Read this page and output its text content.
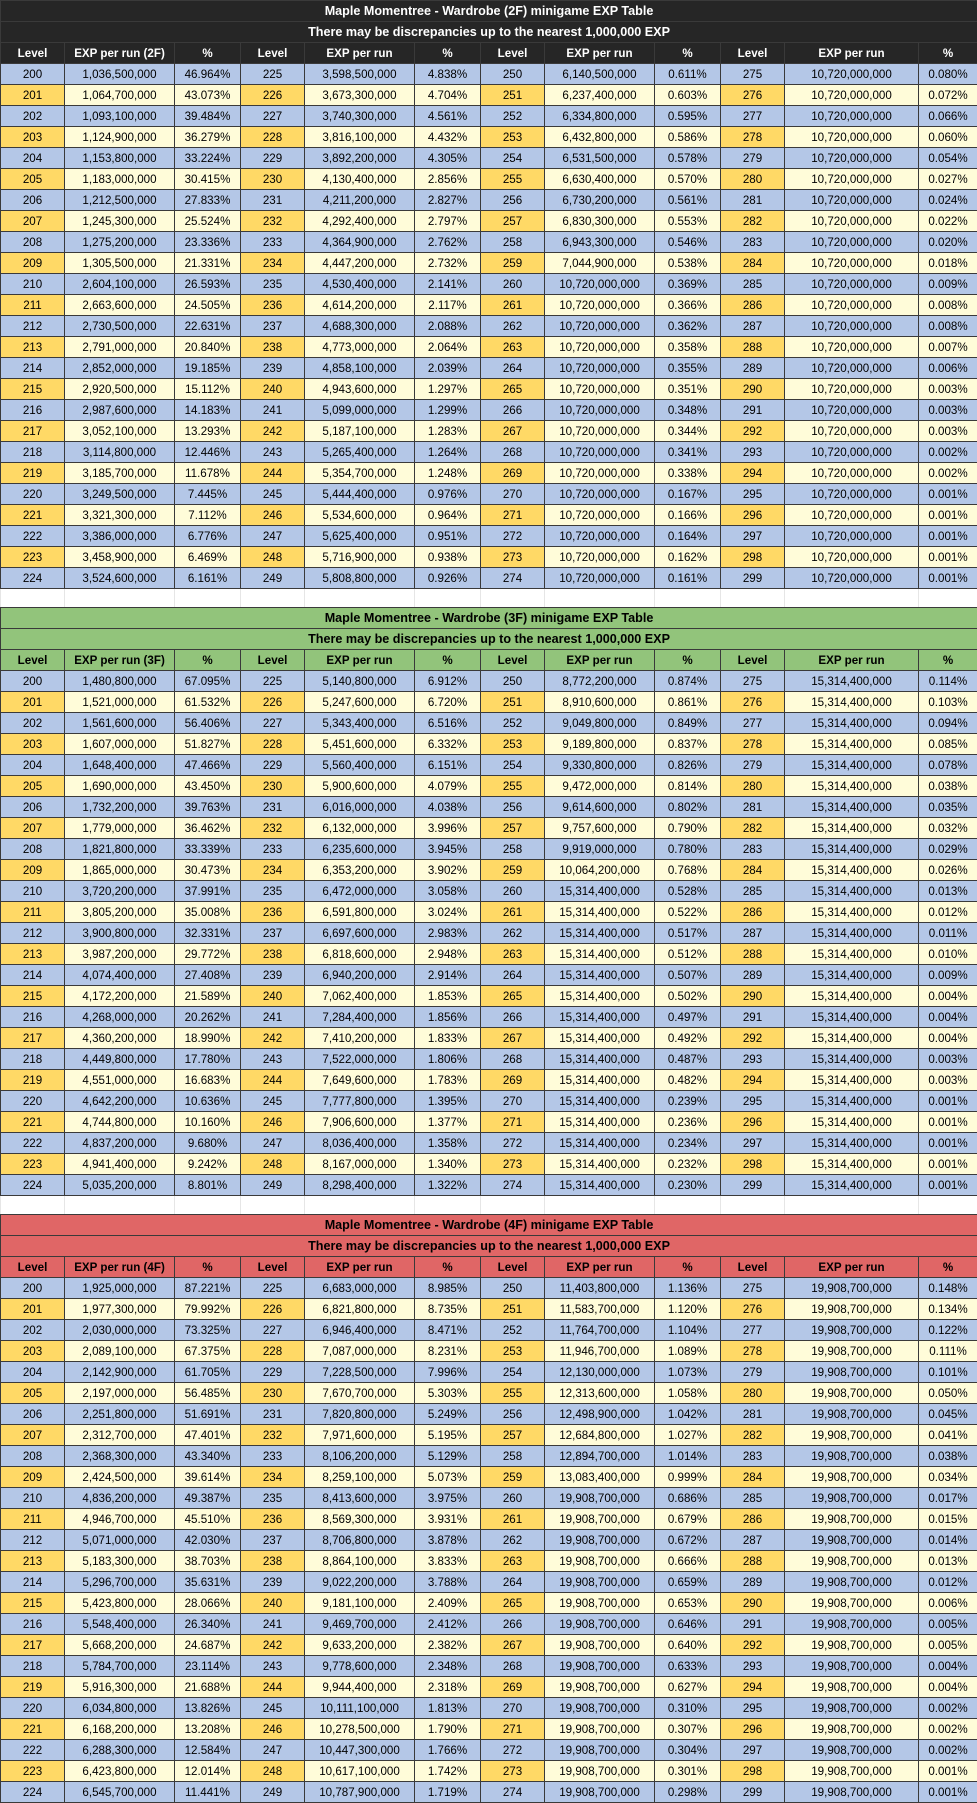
Maple Momentree - Wardrobe (2F) minigame EXP Table											
There may be discrepancies up to the nearest 1,000,000 EXP											
Level	EXP per run (2F)	%	Level	EXP per run	%	Level	EXP per run	%	Level	EXP per run	%
200	1,036,500,000	46.964%	225	3,598,500,000	4.838%	250	6,140,500,000	0.611%	275	10,720,000,000	0.080%
201	1,064,700,000	43.073%	226	3,673,300,000	4.704%	251	6,237,400,000	0.603%	276	10,720,000,000	0.072%
202	1,093,100,000	39.484%	227	3,740,300,000	4.561%	252	6,334,800,000	0.595%	277	10,720,000,000	0.066%
203	1,124,900,000	36.279%	228	3,816,100,000	4.432%	253	6,432,800,000	0.586%	278	10,720,000,000	0.060%
204	1,153,800,000	33.224%	229	3,892,200,000	4.305%	254	6,531,500,000	0.578%	279	10,720,000,000	0.054%
205	1,183,000,000	30.415%	230	4,130,400,000	2.856%	255	6,630,400,000	0.570%	280	10,720,000,000	0.027%
206	1,212,500,000	27.833%	231	4,211,200,000	2.827%	256	6,730,200,000	0.561%	281	10,720,000,000	0.024%
207	1,245,300,000	25.524%	232	4,292,400,000	2.797%	257	6,830,300,000	0.553%	282	10,720,000,000	0.022%
208	1,275,200,000	23.336%	233	4,364,900,000	2.762%	258	6,943,300,000	0.546%	283	10,720,000,000	0.020%
209	1,305,500,000	21.331%	234	4,447,200,000	2.732%	259	7,044,900,000	0.538%	284	10,720,000,000	0.018%
210	2,604,100,000	26.593%	235	4,530,400,000	2.141%	260	10,720,000,000	0.369%	285	10,720,000,000	0.009%
211	2,663,600,000	24.505%	236	4,614,200,000	2.117%	261	10,720,000,000	0.366%	286	10,720,000,000	0.008%
212	2,730,500,000	22.631%	237	4,688,300,000	2.088%	262	10,720,000,000	0.362%	287	10,720,000,000	0.008%
213	2,791,000,000	20.840%	238	4,773,000,000	2.064%	263	10,720,000,000	0.358%	288	10,720,000,000	0.007%
214	2,852,000,000	19.185%	239	4,858,100,000	2.039%	264	10,720,000,000	0.355%	289	10,720,000,000	0.006%
215	2,920,500,000	15.112%	240	4,943,600,000	1.297%	265	10,720,000,000	0.351%	290	10,720,000,000	0.003%
216	2,987,600,000	14.183%	241	5,099,000,000	1.299%	266	10,720,000,000	0.348%	291	10,720,000,000	0.003%
217	3,052,100,000	13.293%	242	5,187,100,000	1.283%	267	10,720,000,000	0.344%	292	10,720,000,000	0.003%
218	3,114,800,000	12.446%	243	5,265,400,000	1.264%	268	10,720,000,000	0.341%	293	10,720,000,000	0.002%
219	3,185,700,000	11.678%	244	5,354,700,000	1.248%	269	10,720,000,000	0.338%	294	10,720,000,000	0.002%
220	3,249,500,000	7.445%	245	5,444,400,000	0.976%	270	10,720,000,000	0.167%	295	10,720,000,000	0.001%
221	3,321,300,000	7.112%	246	5,534,600,000	0.964%	271	10,720,000,000	0.166%	296	10,720,000,000	0.001%
222	3,386,000,000	6.776%	247	5,625,400,000	0.951%	272	10,720,000,000	0.164%	297	10,720,000,000	0.001%
223	3,458,900,000	6.469%	248	5,716,900,000	0.938%	273	10,720,000,000	0.162%	298	10,720,000,000	0.001%
224	3,524,600,000	6.161%	249	5,808,800,000	0.926%	274	10,720,000,000	0.161%	299	10,720,000,000	0.001%

Maple Momentree - Wardrobe (3F) minigame EXP Table											
There may be discrepancies up to the nearest 1,000,000 EXP											
Level	EXP per run (3F)	%	Level	EXP per run	%	Level	EXP per run	%	Level	EXP per run	%
200	1,480,800,000	67.095%	225	5,140,800,000	6.912%	250	8,772,200,000	0.874%	275	15,314,400,000	0.114%
201	1,521,000,000	61.532%	226	5,247,600,000	6.720%	251	8,910,600,000	0.861%	276	15,314,400,000	0.103%
202	1,561,600,000	56.406%	227	5,343,400,000	6.516%	252	9,049,800,000	0.849%	277	15,314,400,000	0.094%
203	1,607,000,000	51.827%	228	5,451,600,000	6.332%	253	9,189,800,000	0.837%	278	15,314,400,000	0.085%
204	1,648,400,000	47.466%	229	5,560,400,000	6.151%	254	9,330,800,000	0.826%	279	15,314,400,000	0.078%
205	1,690,000,000	43.450%	230	5,900,600,000	4.079%	255	9,472,000,000	0.814%	280	15,314,400,000	0.038%
206	1,732,200,000	39.763%	231	6,016,000,000	4.038%	256	9,614,600,000	0.802%	281	15,314,400,000	0.035%
207	1,779,000,000	36.462%	232	6,132,000,000	3.996%	257	9,757,600,000	0.790%	282	15,314,400,000	0.032%
208	1,821,800,000	33.339%	233	6,235,600,000	3.945%	258	9,919,000,000	0.780%	283	15,314,400,000	0.029%
209	1,865,000,000	30.473%	234	6,353,200,000	3.902%	259	10,064,200,000	0.768%	284	15,314,400,000	0.026%
210	3,720,200,000	37.991%	235	6,472,000,000	3.058%	260	15,314,400,000	0.528%	285	15,314,400,000	0.013%
211	3,805,200,000	35.008%	236	6,591,800,000	3.024%	261	15,314,400,000	0.522%	286	15,314,400,000	0.012%
212	3,900,800,000	32.331%	237	6,697,600,000	2.983%	262	15,314,400,000	0.517%	287	15,314,400,000	0.011%
213	3,987,200,000	29.772%	238	6,818,600,000	2.948%	263	15,314,400,000	0.512%	288	15,314,400,000	0.010%
214	4,074,400,000	27.408%	239	6,940,200,000	2.914%	264	15,314,400,000	0.507%	289	15,314,400,000	0.009%
215	4,172,200,000	21.589%	240	7,062,400,000	1.853%	265	15,314,400,000	0.502%	290	15,314,400,000	0.004%
216	4,268,000,000	20.262%	241	7,284,400,000	1.856%	266	15,314,400,000	0.497%	291	15,314,400,000	0.004%
217	4,360,200,000	18.990%	242	7,410,200,000	1.833%	267	15,314,400,000	0.492%	292	15,314,400,000	0.004%
218	4,449,800,000	17.780%	243	7,522,000,000	1.806%	268	15,314,400,000	0.487%	293	15,314,400,000	0.003%
219	4,551,000,000	16.683%	244	7,649,600,000	1.783%	269	15,314,400,000	0.482%	294	15,314,400,000	0.003%
220	4,642,200,000	10.636%	245	7,777,800,000	1.395%	270	15,314,400,000	0.239%	295	15,314,400,000	0.001%
221	4,744,800,000	10.160%	246	7,906,600,000	1.377%	271	15,314,400,000	0.236%	296	15,314,400,000	0.001%
222	4,837,200,000	9.680%	247	8,036,400,000	1.358%	272	15,314,400,000	0.234%	297	15,314,400,000	0.001%
223	4,941,400,000	9.242%	248	8,167,000,000	1.340%	273	15,314,400,000	0.232%	298	15,314,400,000	0.001%
224	5,035,200,000	8.801%	249	8,298,400,000	1.322%	274	15,314,400,000	0.230%	299	15,314,400,000	0.001%

Maple Momentree - Wardrobe (4F) minigame EXP Table											
There may be discrepancies up to the nearest 1,000,000 EXP											
Level	EXP per run (4F)	%	Level	EXP per run	%	Level	EXP per run	%	Level	EXP per run	%
200	1,925,000,000	87.221%	225	6,683,000,000	8.985%	250	11,403,800,000	1.136%	275	19,908,700,000	0.148%
201	1,977,300,000	79.992%	226	6,821,800,000	8.735%	251	11,583,700,000	1.120%	276	19,908,700,000	0.134%
202	2,030,000,000	73.325%	227	6,946,400,000	8.471%	252	11,764,700,000	1.104%	277	19,908,700,000	0.122%
203	2,089,100,000	67.375%	228	7,087,000,000	8.231%	253	11,946,700,000	1.089%	278	19,908,700,000	0.111%
204	2,142,900,000	61.705%	229	7,228,500,000	7.996%	254	12,130,000,000	1.073%	279	19,908,700,000	0.101%
205	2,197,000,000	56.485%	230	7,670,700,000	5.303%	255	12,313,600,000	1.058%	280	19,908,700,000	0.050%
206	2,251,800,000	51.691%	231	7,820,800,000	5.249%	256	12,498,900,000	1.042%	281	19,908,700,000	0.045%
207	2,312,700,000	47.401%	232	7,971,600,000	5.195%	257	12,684,800,000	1.027%	282	19,908,700,000	0.041%
208	2,368,300,000	43.340%	233	8,106,200,000	5.129%	258	12,894,700,000	1.014%	283	19,908,700,000	0.038%
209	2,424,500,000	39.614%	234	8,259,100,000	5.073%	259	13,083,400,000	0.999%	284	19,908,700,000	0.034%
210	4,836,200,000	49.387%	235	8,413,600,000	3.975%	260	19,908,700,000	0.686%	285	19,908,700,000	0.017%
211	4,946,700,000	45.510%	236	8,569,300,000	3.931%	261	19,908,700,000	0.679%	286	19,908,700,000	0.015%
212	5,071,000,000	42.030%	237	8,706,800,000	3.878%	262	19,908,700,000	0.672%	287	19,908,700,000	0.014%
213	5,183,300,000	38.703%	238	8,864,100,000	3.833%	263	19,908,700,000	0.666%	288	19,908,700,000	0.013%
214	5,296,700,000	35.631%	239	9,022,200,000	3.788%	264	19,908,700,000	0.659%	289	19,908,700,000	0.012%
215	5,423,800,000	28.066%	240	9,181,100,000	2.409%	265	19,908,700,000	0.653%	290	19,908,700,000	0.006%
216	5,548,400,000	26.340%	241	9,469,700,000	2.412%	266	19,908,700,000	0.646%	291	19,908,700,000	0.005%
217	5,668,200,000	24.687%	242	9,633,200,000	2.382%	267	19,908,700,000	0.640%	292	19,908,700,000	0.005%
218	5,784,700,000	23.114%	243	9,778,600,000	2.348%	268	19,908,700,000	0.633%	293	19,908,700,000	0.004%
219	5,916,300,000	21.688%	244	9,944,400,000	2.318%	269	19,908,700,000	0.627%	294	19,908,700,000	0.004%
220	6,034,800,000	13.826%	245	10,111,100,000	1.813%	270	19,908,700,000	0.310%	295	19,908,700,000	0.002%
221	6,168,200,000	13.208%	246	10,278,500,000	1.790%	271	19,908,700,000	0.307%	296	19,908,700,000	0.002%
222	6,288,300,000	12.584%	247	10,447,300,000	1.766%	272	19,908,700,000	0.304%	297	19,908,700,000	0.002%
223	6,423,800,000	12.014%	248	10,617,100,000	1.742%	273	19,908,700,000	0.301%	298	19,908,700,000	0.001%
224	6,545,700,000	11.441%	249	10,787,900,000	1.719%	274	19,908,700,000	0.298%	299	19,908,700,000	0.001%
